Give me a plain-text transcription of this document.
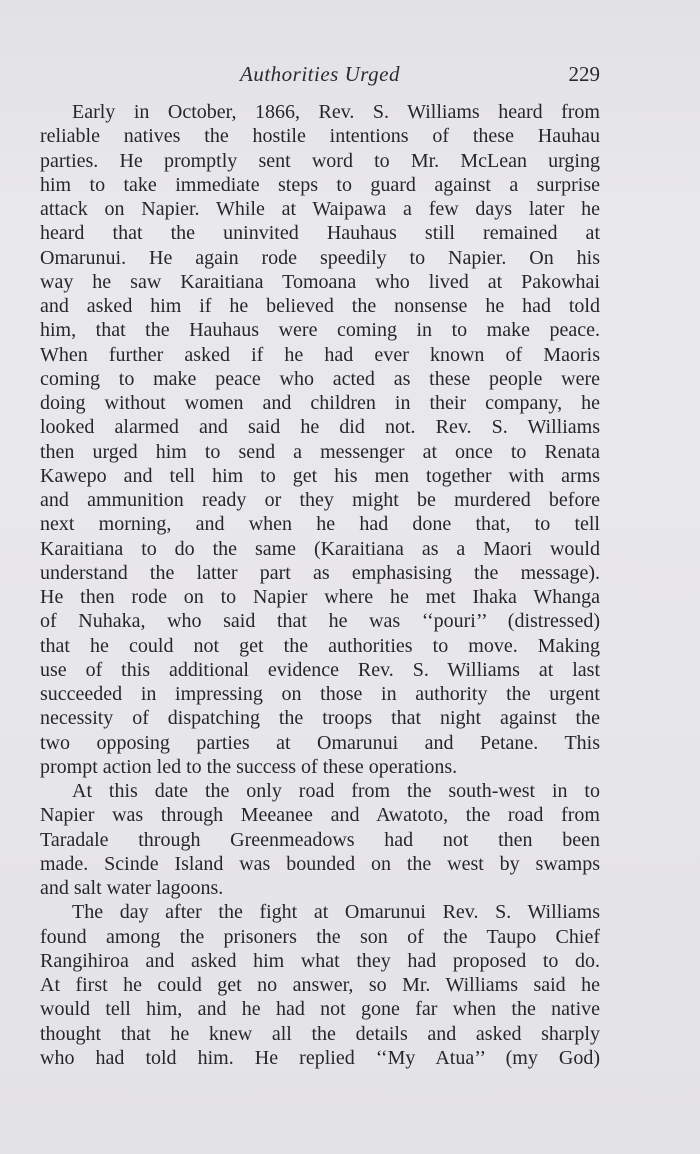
Authorities Urged	229
Early in October, 1866, Rev. S. Williams heard from
reliable natives the hostile intentions of these Hauhau
parties. He promptly sent word to Mr. McLean urging
him to take immediate steps to guard against a surprise
attack on Napier. While at Waipawa a few days later he
heard that the uninvited Hauhaus still remained at
Omarunui. He again rode speedily to Napier. On his
way he saw Karaitiana Tomoana who lived at Pakowhai
and asked him if he believed the nonsense he had told
him, that the Hauhaus were coming in to make peace.
When further asked if he had ever known of Maoris
coming to make peace who acted as these people were
doing without women and children in their company, he
looked alarmed and said he did not. Rev. S. Williams
then urged him to send a messenger at once to Renata
Kawepo and tell him to get his men together with arms
and ammunition ready or they might be murdered before
next morning, and when he had done that, to tell
Karaitiana to do the same (Karaitiana as a Maori would
understand the latter part as emphasising the message).
He then rode on to Napier where he met Ihaka Whanga
of Nuhaka, who said that he was ‘‘pouri’’ (distressed)
that he could not get the authorities to move. Making
use of this additional evidence Rev. S. Williams at last
succeeded in impressing on those in authority the urgent
necessity of dispatching the troops that night against the
two opposing parties at Omarunui and Petane. This
prompt action led to the success of these operations.
At this date the only road from the south-west in to
Napier was through Meeanee and Awatoto, the road from
Taradale through Greenmeadows had not then been
made. Scinde Island was bounded on the west by swamps
and salt water lagoons.
The day after the fight at Omarunui Rev. S. Williams
found among the prisoners the son of the Taupo Chief
Rangihiroa and asked him what they had proposed to do.
At first he could get no answer, so Mr. Williams said he
would tell him, and he had not gone far when the native
thought that he knew all the details and asked sharply
who had told him. He replied ‘‘My Atua’’ (my God)
